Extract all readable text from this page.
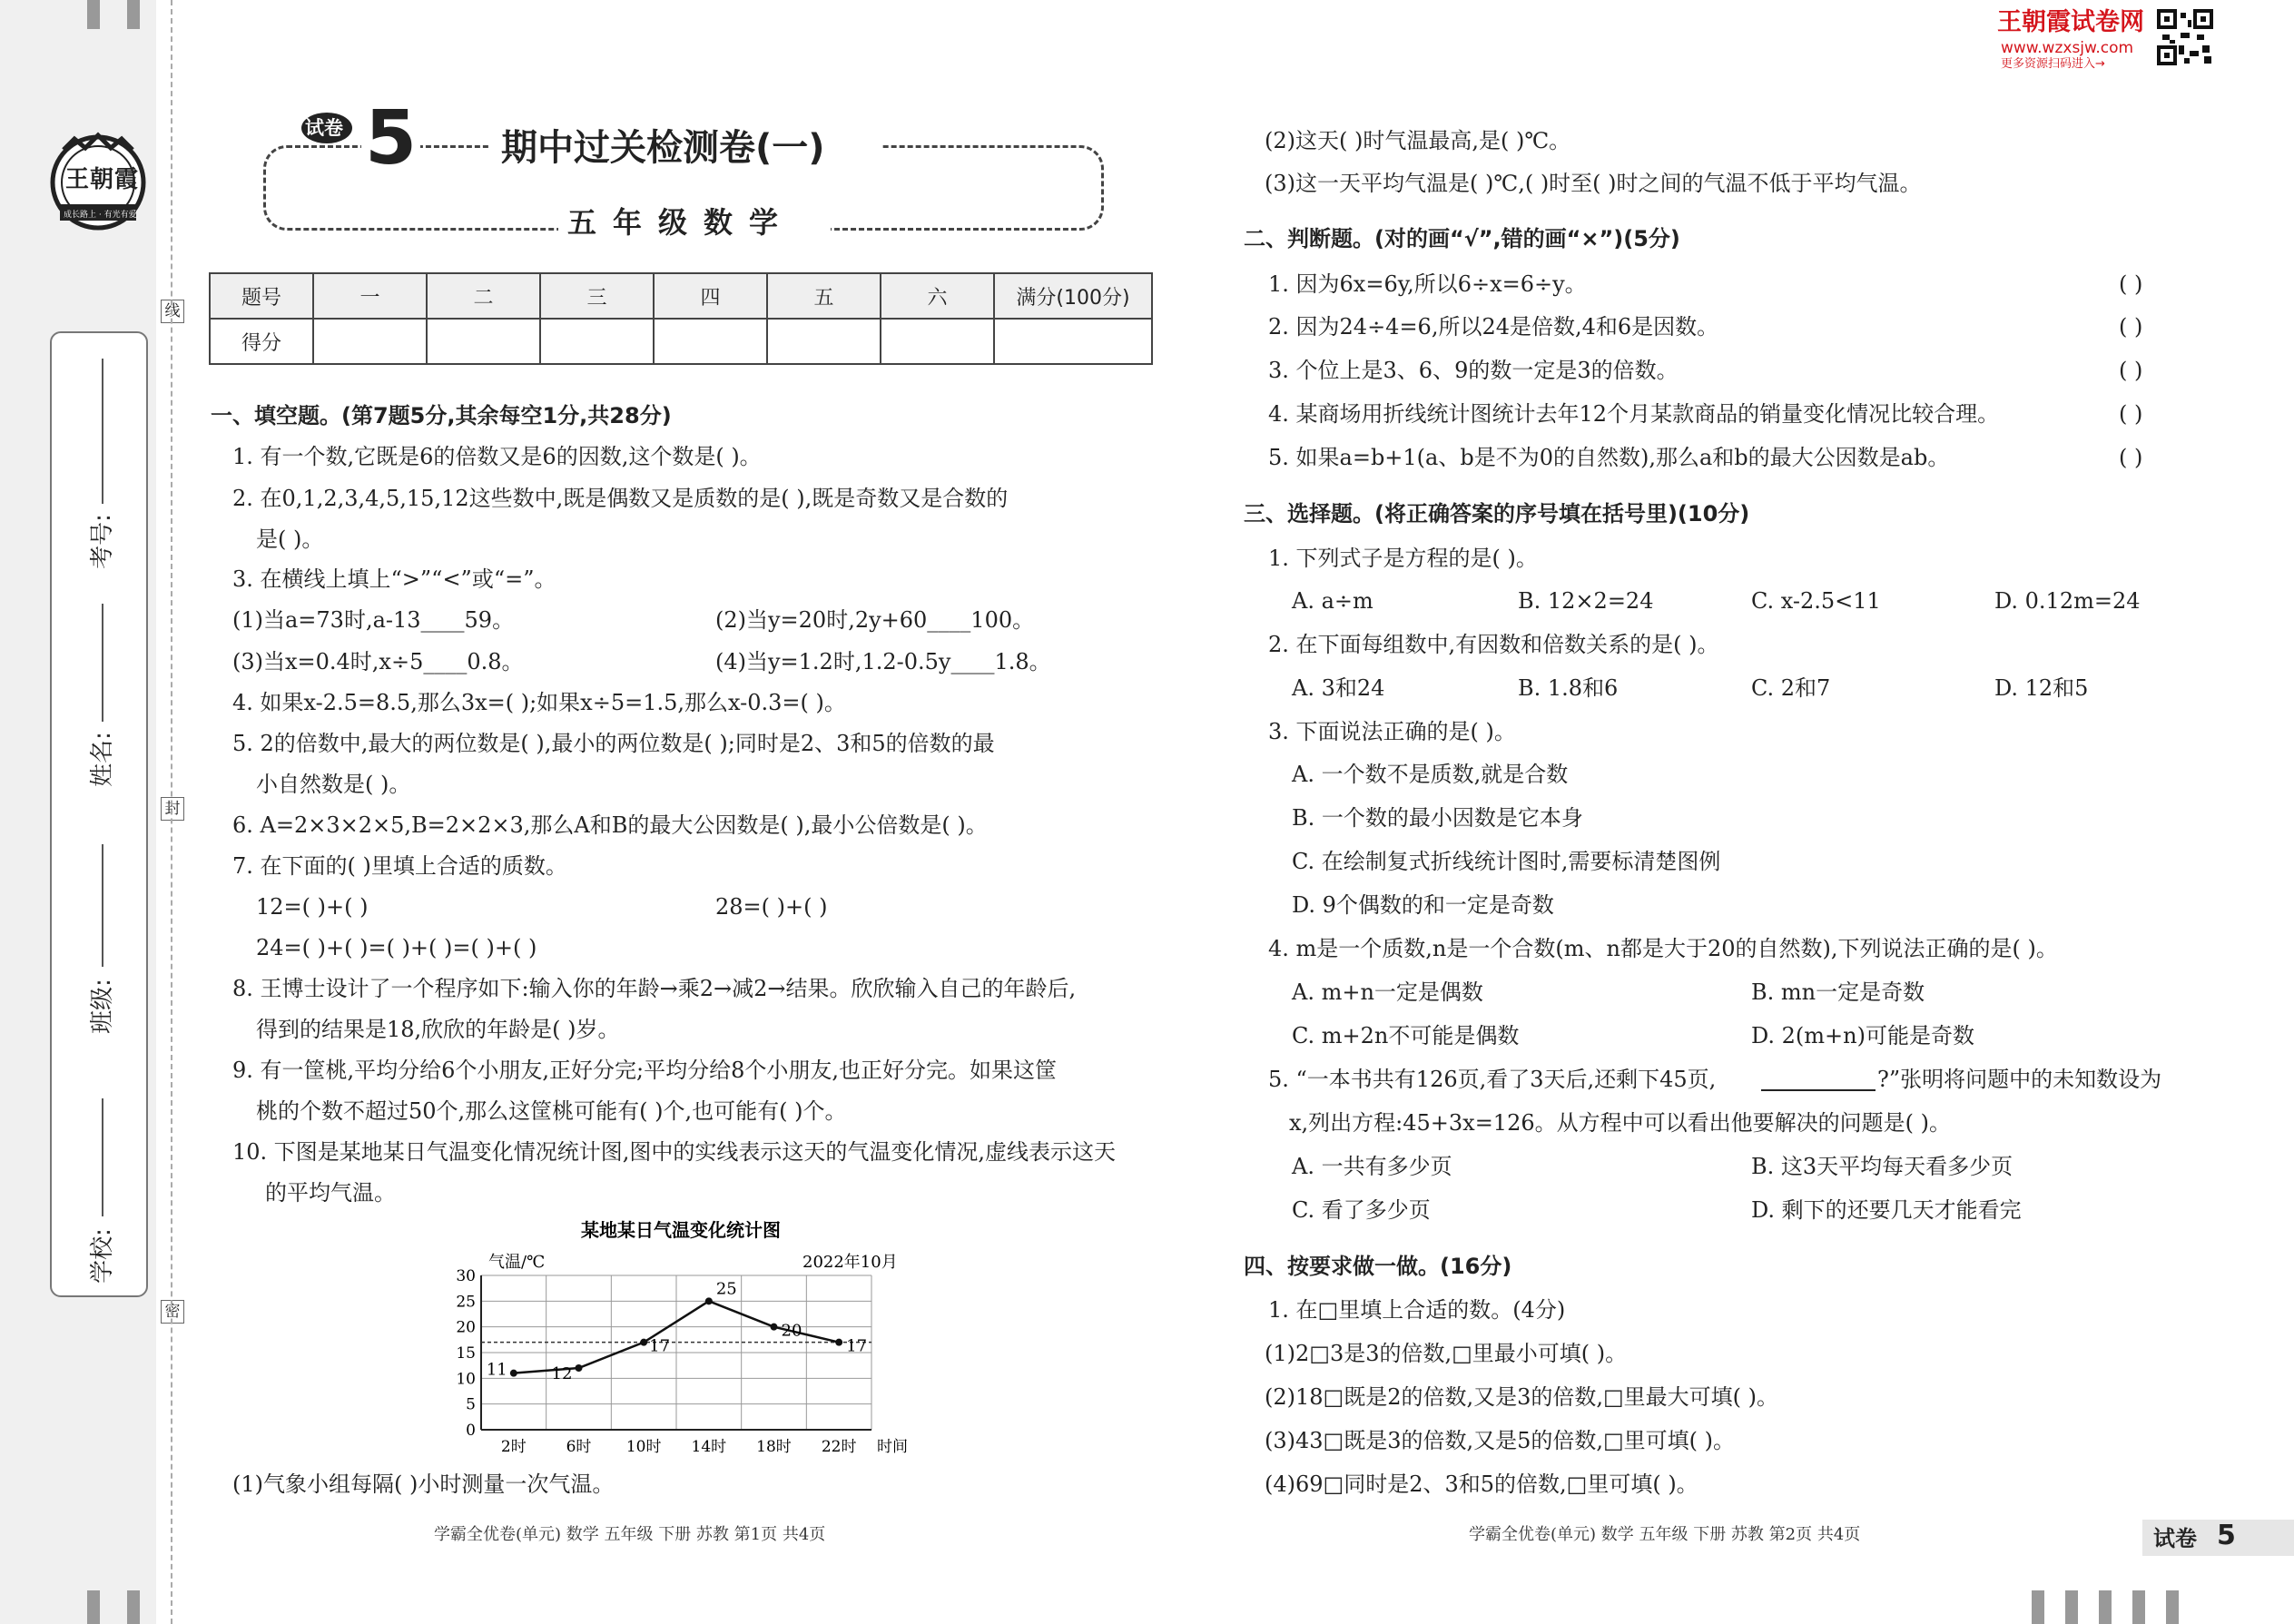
王朝霞
成长路上 · 有光有爱
学校:
班级:
姓名:
考号:
线
封
密
王朝霞试卷网
www.wzxsjw.com
更多资源扫码进入→
试卷 5 期中过关检测卷(一)
五年级数学
题号	一	二	三	四	五	六	满分(100分)
得分							
一、填空题。(第7题5分,其余每空1分,共28分)
1. 有一个数,它既是6的倍数又是6的因数,这个数是( )。
2. 在0,1,2,3,4,5,15,12这些数中,既是偶数又是质数的是( ),既是奇数又是合数的
是( )。
3. 在横线上填上“>”“<”或“=”。
(1)当a=73时,a-13____59。	(2)当y=20时,2y+60____100。
(3)当x=0.4时,x÷5____0.8。	(4)当y=1.2时,1.2-0.5y____1.8。
4. 如果x-2.5=8.5,那么3x=( );如果x÷5=1.5,那么x-0.3=( )。
5. 2的倍数中,最大的两位数是( ),最小的两位数是( );同时是2、3和5的倍数的最
小自然数是( )。
6. A=2×3×2×5,B=2×2×3,那么A和B的最大公因数是( ),最小公倍数是( )。
7. 在下面的( )里填上合适的质数。
12=( )+( )	28=( )+( )
24=( )+( )=( )+( )=( )+( )
8. 王博士设计了一个程序如下:输入你的年龄→乘2→减2→结果。欣欣输入自己的年龄后,
得到的结果是18,欣欣的年龄是( )岁。
9. 有一筐桃,平均分给6个小朋友,正好分完;平均分给8个小朋友,也正好分完。如果这筐
桃的个数不超过50个,那么这筐桃可能有( )个,也可能有( )个。
10. 下图是某地某日气温变化情况统计图,图中的实线表示这天的气温变化情况,虚线表示这天
的平均气温。
某地某日气温变化统计图
气温/℃	2022年10月
0
5
10
15
20
25
30
2时	6时 10时 14时 18时 22时 时间
11	12
17
25
20
17
(1)气象小组每隔( )小时测量一次气温。
学霸全优卷(单元) 数学 五年级 下册 苏教 第1页 共4页
(2)这天( )时气温最高,是( )℃。
(3)这一天平均气温是( )℃,( )时至( )时之间的气温不低于平均气温。
二、判断题。(对的画“√”,错的画“×”)(5分)
1. 因为6x=6y,所以6÷x=6÷y。	( )
2. 因为24÷4=6,所以24是倍数,4和6是因数。	( )
3. 个位上是3、6、9的数一定是3的倍数。	( )
4. 某商场用折线统计图统计去年12个月某款商品的销量变化情况比较合理。	( )
5. 如果a=b+1(a、b是不为0的自然数),那么a和b的最大公因数是ab。	( )
三、选择题。(将正确答案的序号填在括号里)(10分)
1. 下列式子是方程的是( )。
A. a÷m	B. 12×2=24	C. x-2.5<11	D. 0.12m=24
2. 在下面每组数中,有因数和倍数关系的是( )。
A. 3和24	B. 1.8和6	C. 2和7	D. 12和5
3. 下面说法正确的是( )。
A. 一个数不是质数,就是合数
B. 一个数的最小因数是它本身
C. 在绘制复式折线统计图时,需要标清楚图例
D. 9个偶数的和一定是奇数
4. m是一个质数,n是一个合数(m、n都是大于20的自然数),下列说法正确的是( )。
A. m+n一定是偶数	B. mn一定是奇数
C. m+2n不可能是偶数	D. 2(m+n)可能是奇数
5. “一本书共有126页,看了3天后,还剩下45页,	?”张明将问题中的未知数设为
x,列出方程:45+3x=126。从方程中可以看出他要解决的问题是( )。
A. 一共有多少页	B. 这3天平均每天看多少页
C. 看了多少页	D. 剩下的还要几天才能看完
四、按要求做一做。(16分)
1. 在□里填上合适的数。(4分)
(1)2□3是3的倍数,□里最小可填( )。
(2)18□既是2的倍数,又是3的倍数,□里最大可填( )。
(3)43□既是3的倍数,又是5的倍数,□里可填( )。
(4)69□同时是2、3和5的倍数,□里可填( )。
学霸全优卷(单元) 数学 五年级 下册 苏教 第2页 共4页	试卷 5
